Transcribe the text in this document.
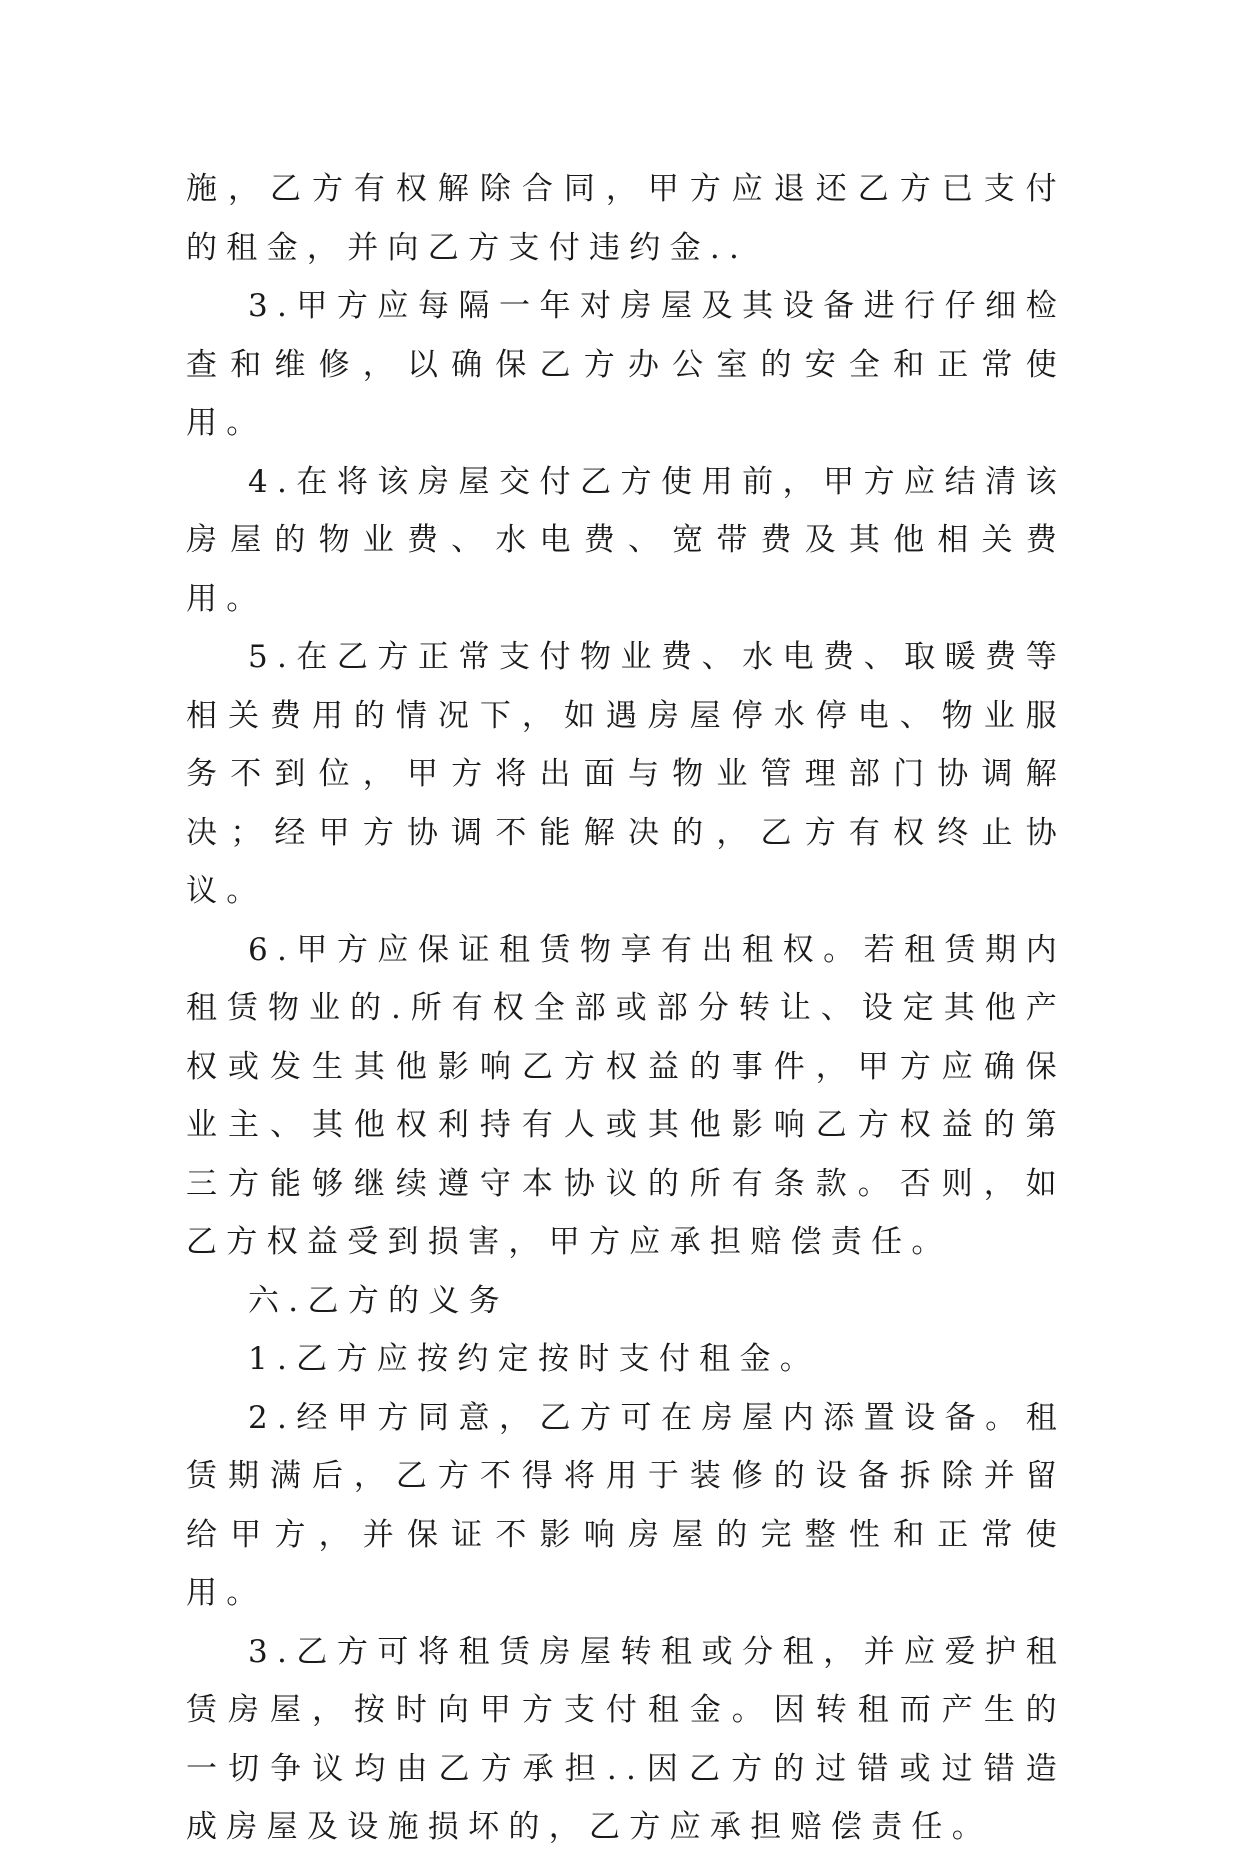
施，乙方有权解除合同，甲方应退还乙方已支付的租金，并向乙方支付违约金..

3.甲方应每隔一年对房屋及其设备进行仔细检查和维修，以确保乙方办公室的安全和正常使用。

4.在将该房屋交付乙方使用前，甲方应结清该房屋的物业费、水电费、宽带费及其他相关费用。

5.在乙方正常支付物业费、水电费、取暖费等相关费用的情况下，如遇房屋停水停电、物业服务不到位，甲方将出面与物业管理部门协调解决；经甲方协调不能解决的，乙方有权终止协议。

6.甲方应保证租赁物享有出租权。若租赁期内租赁物业的.所有权全部或部分转让、设定其他产权或发生其他影响乙方权益的事件，甲方应确保业主、其他权利持有人或其他影响乙方权益的第三方能够继续遵守本协议的所有条款。否则，如乙方权益受到损害，甲方应承担赔偿责任。

六.乙方的义务

1.乙方应按约定按时支付租金。

2.经甲方同意，乙方可在房屋内添置设备。租赁期满后，乙方不得将用于装修的设备拆除并留给甲方，并保证不影响房屋的完整性和正常使用。

3.乙方可将租赁房屋转租或分租，并应爱护租赁房屋，按时向甲方支付租金。因转租而产生的一切争议均由乙方承担..因乙方的过错或过错造成房屋及设施损坏的，乙方应承担赔偿责任。
